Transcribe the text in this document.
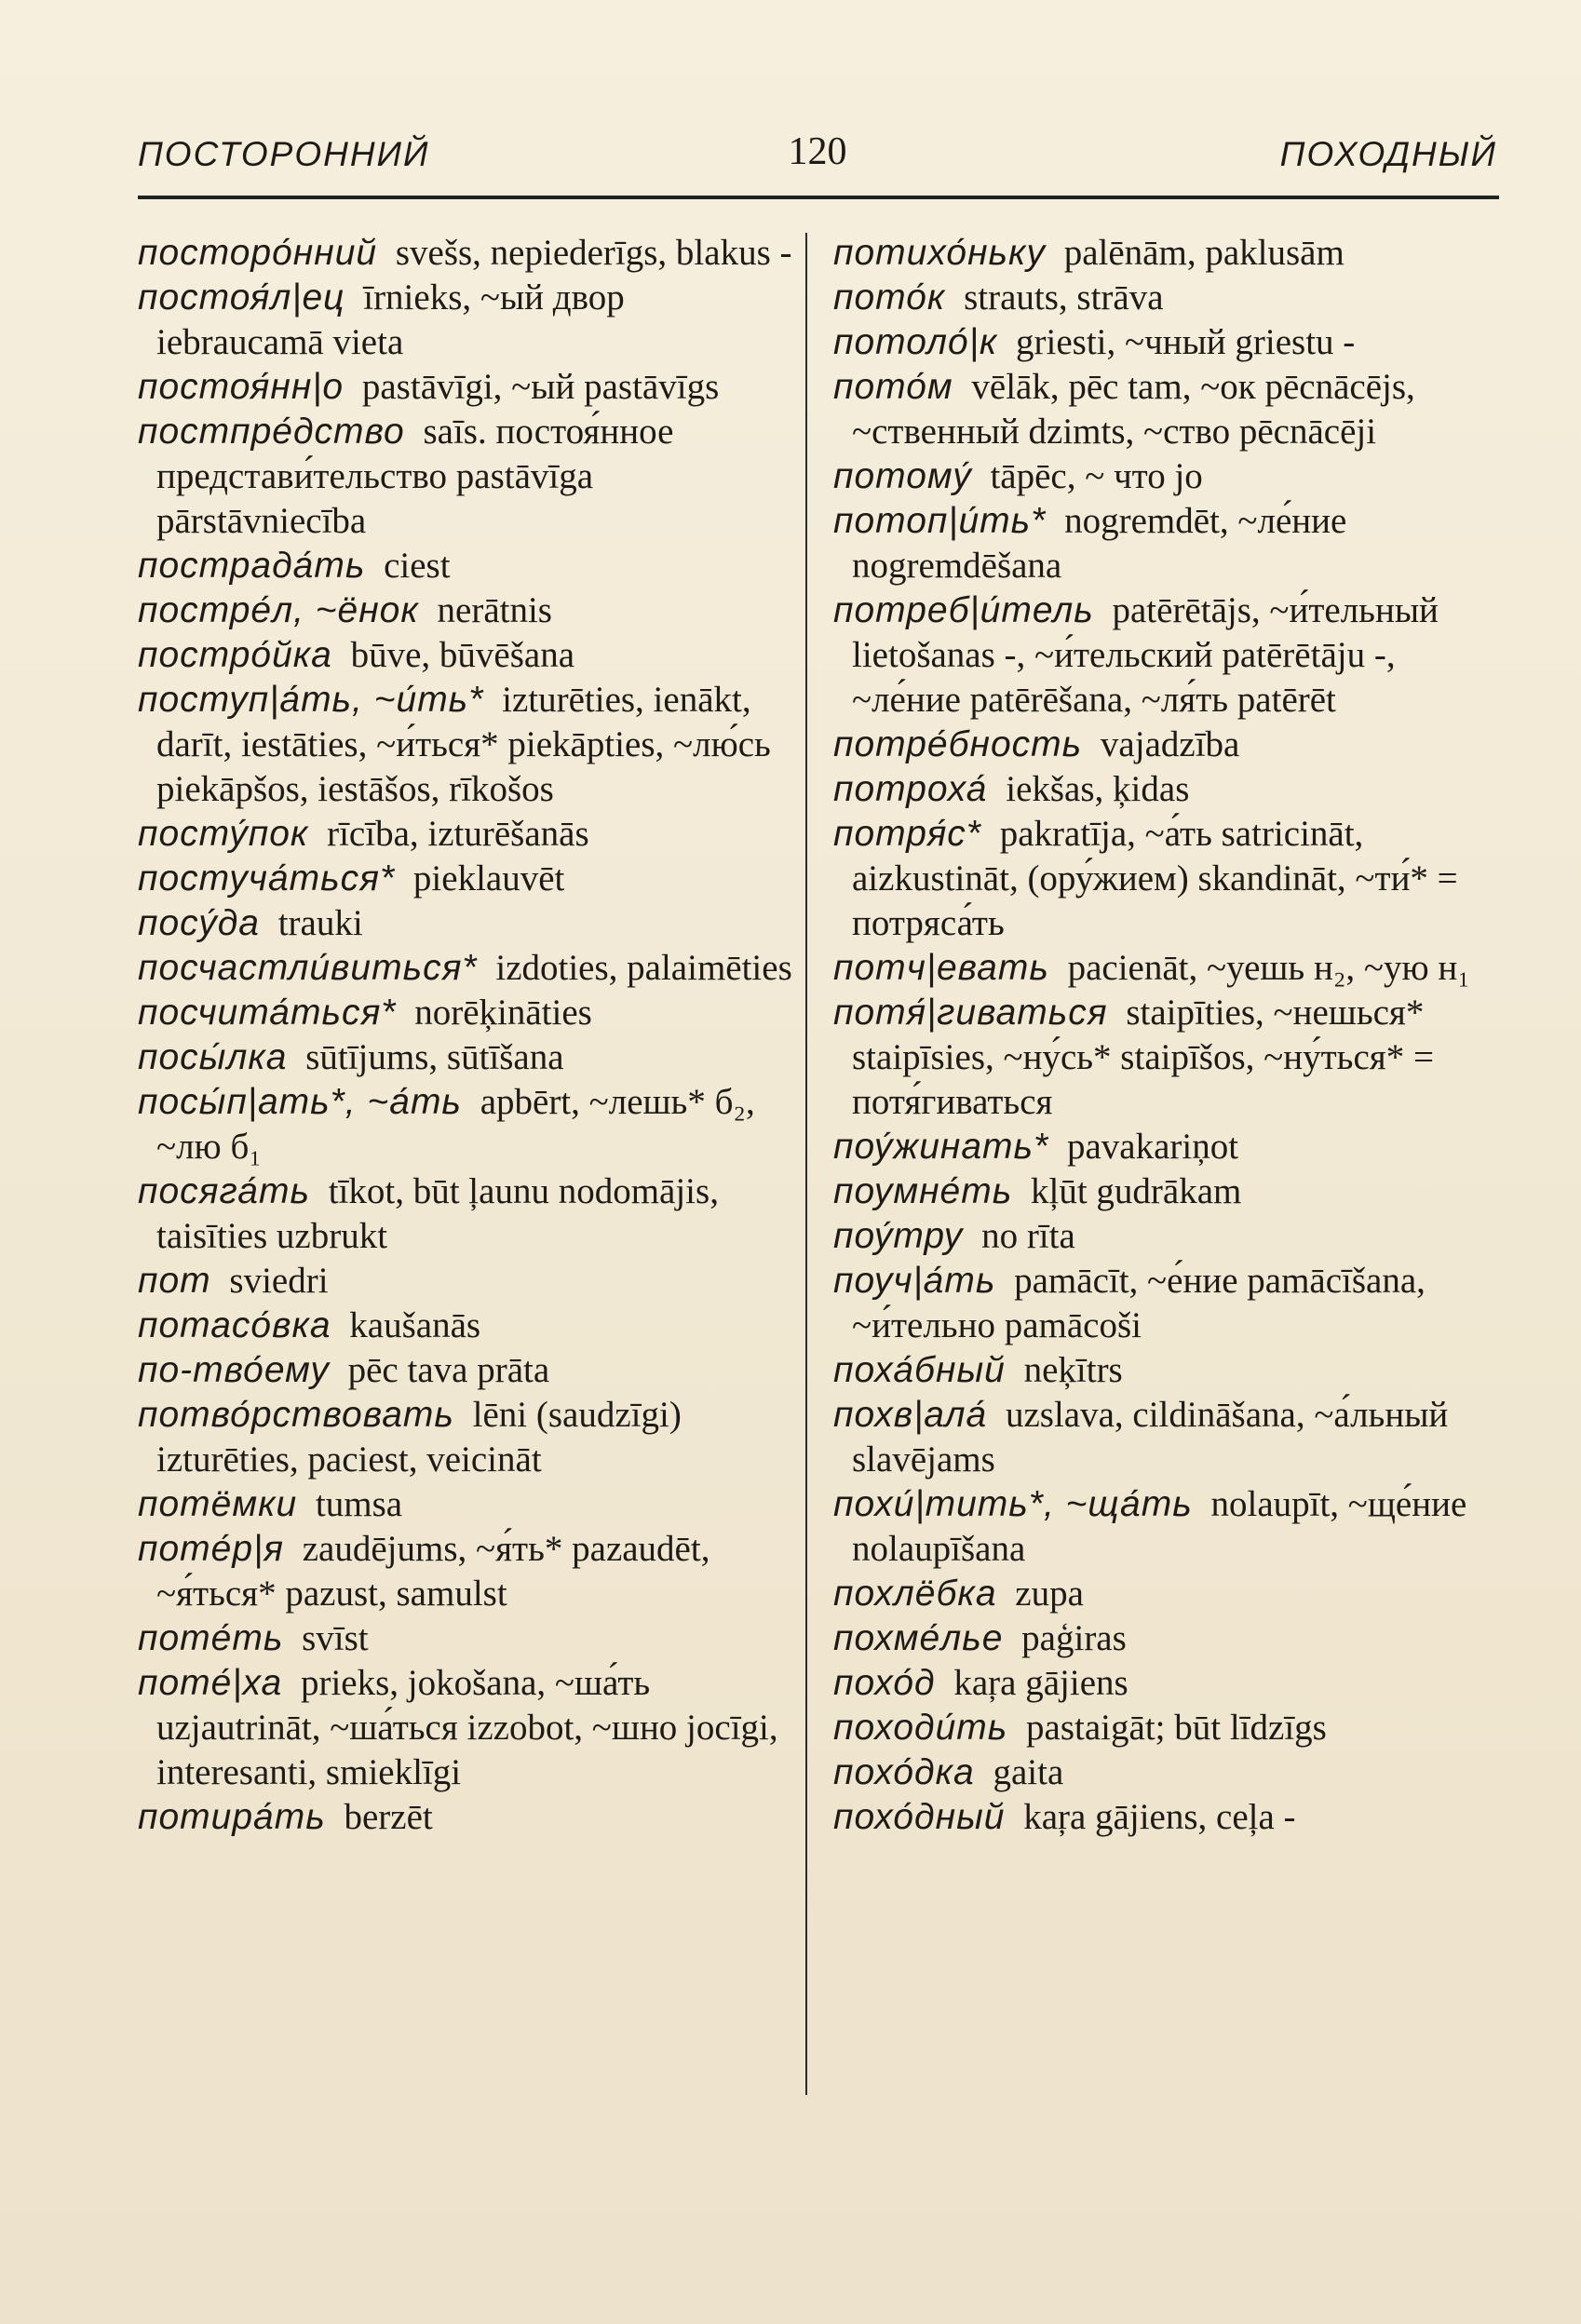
ПОСТОРОННИЙ	120	ПОХОДНЫЙ

посторо́нний svešs, nepiederīgs, blakus -

постоя́л|ец īrnieks, ~ый двор iebraucamā vieta

постоя́нн|о pastāvīgi, ~ый pastāvīgs

постпре́дство saīs. постоя́нное представи́тельство pastāvīga pārstāvniecība

пострада́ть ciest

постре́л, ~ёнок nerātnis

постро́йка būve, būvēšana

поступ|а́ть, ~и́ть* izturēties, ienākt, darīt, iestāties, ~и́ться* piekāpties, ~лю́сь piekāpšos, iestāšos, rīkošos

посту́пок rīcība, izturēšanās

постуча́ться* pieklauvēt

посу́да trauki

посчастли́виться* izdoties, palaimēties

посчита́ться* norēķināties

посы́лка sūtījums, sūtīšana

посы́п|ать*, ~а́ть apbērt, ~лешь* б₂, ~лю б₁

посяга́ть tīkot, būt ļaunu nodomājis, taisīties uzbrukt

пот sviedri

потасо́вка kaušanās

по-тво́ему pēc tava prāta

потво́рствовать lēni (saudzīgi) izturēties, paciest, veicināt

потёмки tumsa

поте́р|я zaudējums, ~я́ть* pazaudēt, ~я́ться* pazust, samulst

поте́ть svīst

поте́|ха prieks, jokošana, ~ша́ть uzjautrināt, ~ша́ться izzobot, ~шно jocīgi, interesanti, smieklīgi

потира́ть berzēt

потихо́ньку palēnām, paklusām

пото́к strauts, strāva

потоло́|к griesti, ~чный griestu -

пото́м vēlāk, pēc tam, ~ок pēcnācējs, ~ственный dzimts, ~ство pēcnācēji

потому́ tāpēc, ~ что jo

потоп|и́ть* nogremdēt, ~ле́ние nogremdēšana

потреб|и́тель patērētājs, ~и́тельный lietošanas -, ~и́тельский patērētāju -, ~ле́ние patērēšana, ~ля́ть patērēt

потре́бность vajadzība

потроха́ iekšas, ķidas

потря́с* pakratīja, ~а́ть satricināt, aizkustināt, (ору́жием) skandināt, ~ти́* = потряса́ть

потч|евать pacienāt, ~уешь н₂, ~ую н₁

потя́|гиваться staipīties, ~нешься* staipīsies, ~ну́сь* staipīšos, ~ну́ться* = потя́гиваться

поу́жинать* pavakariņot

поумне́ть kļūt gudrākam

поу́тру no rīta

поуч|а́ть pamācīt, ~е́ние pamācīšana, ~и́тельно pamācoši

поха́бный neķītrs

похв|ала́ uzslava, cildināšana, ~а́льный slavējams

похи́|тить*, ~ща́ть nolaupīt, ~ще́ние nolaupīšana

похлёбка zupa

похме́лье paģiras

похо́д kaŗa gājiens

походи́ть pastaigāt; būt līdzīgs

похо́дка gaita

похо́дный kaŗa gājiens, ceļa -
